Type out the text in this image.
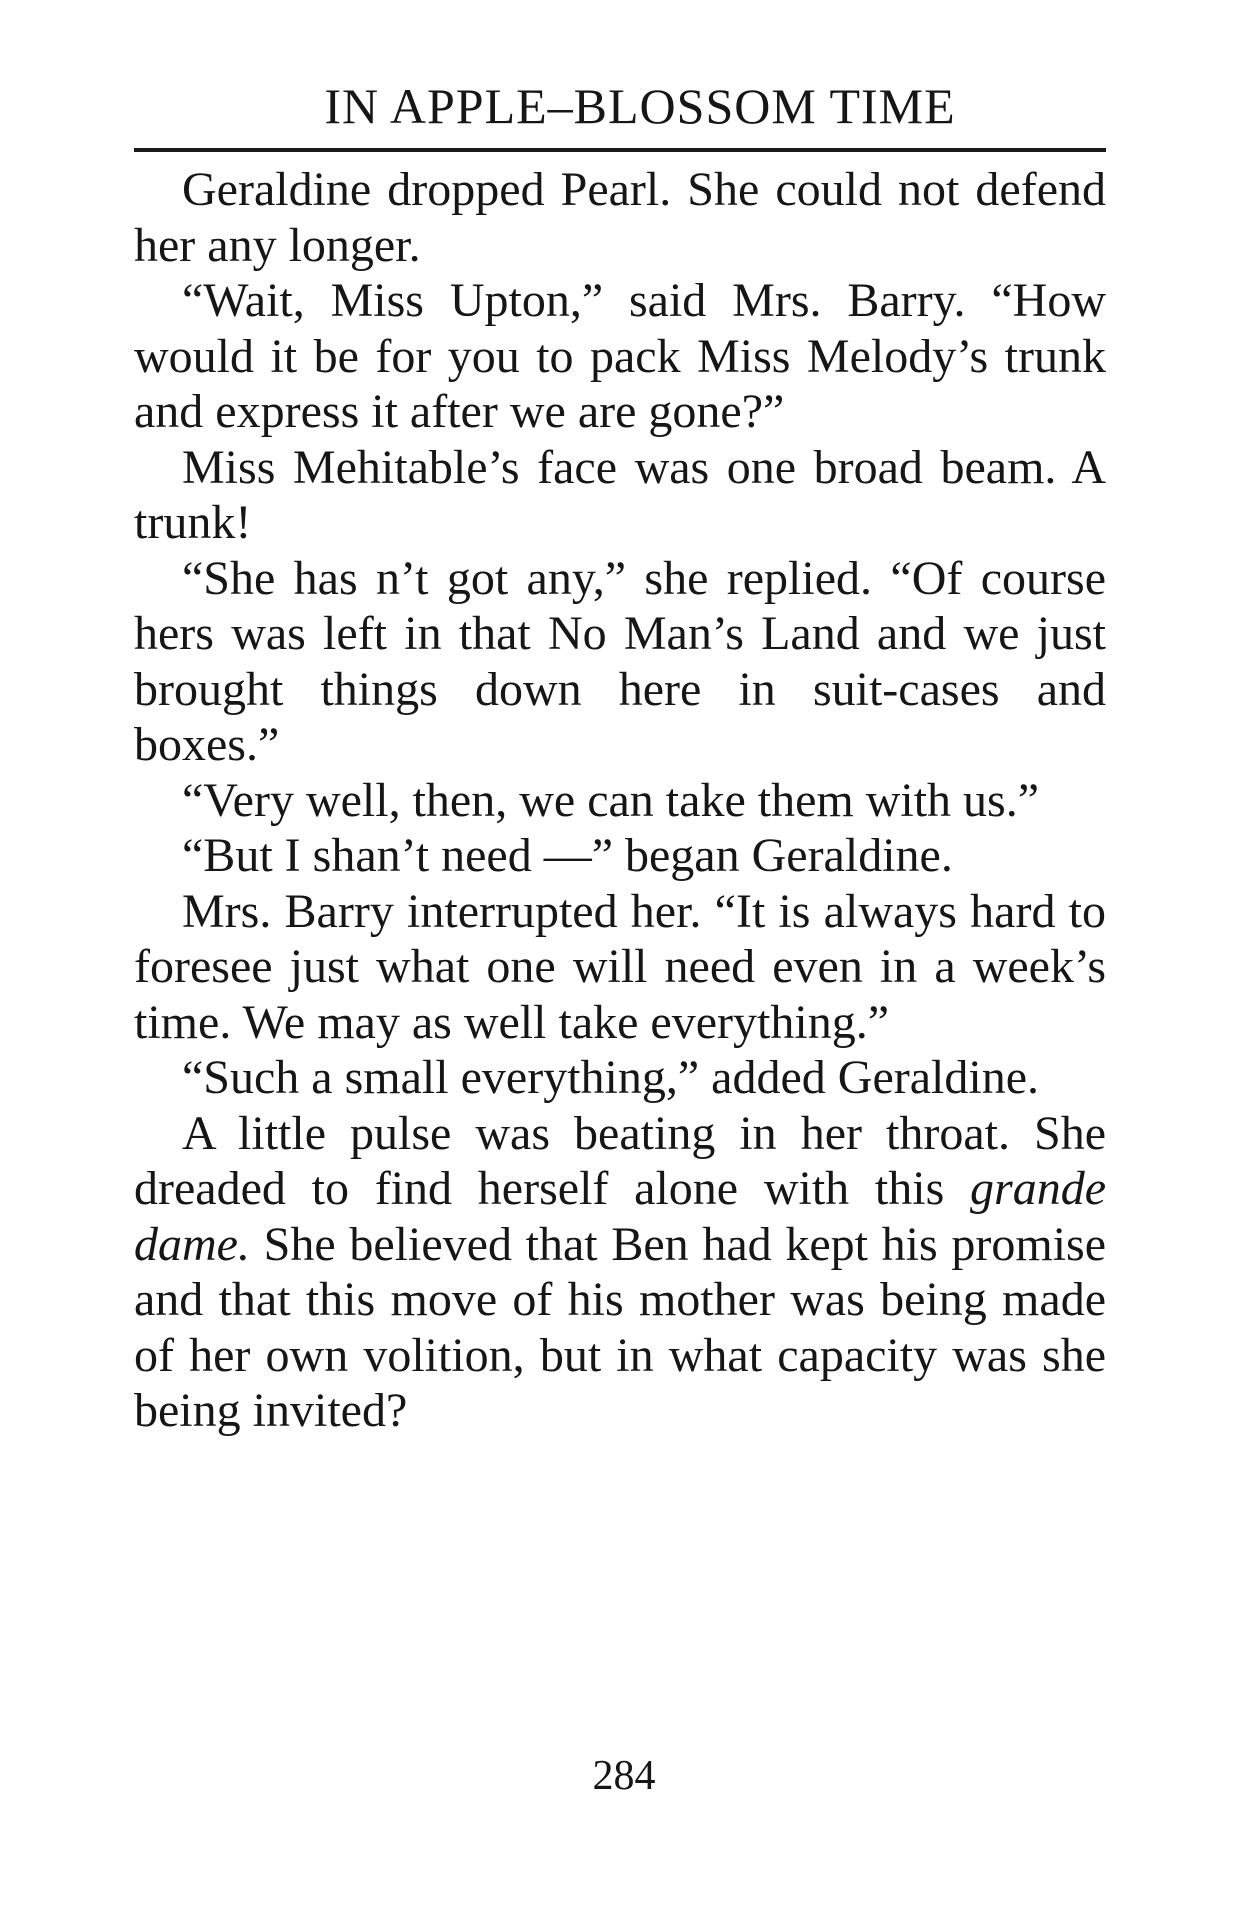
IN APPLE–BLOSSOM TIME

Geraldine dropped Pearl. She could not defend her any longer.

“Wait, Miss Upton,” said Mrs. Barry. “How would it be for you to pack Miss Melody’s trunk and express it after we are gone?”

Miss Mehitable’s face was one broad beam. A trunk!

“She has n’t got any,” she replied. “Of course hers was left in that No Man’s Land and we just brought things down here in suit-cases and boxes.”

“Very well, then, we can take them with us.”

“But I shan’t need —” began Geraldine.

Mrs. Barry interrupted her. “It is always hard to foresee just what one will need even in a week’s time. We may as well take everything.”

“Such a small everything,” added Geraldine.

A little pulse was beating in her throat. She dreaded to find herself alone with this grande dame. She believed that Ben had kept his promise and that this move of his mother was being made of her own volition, but in what capacity was she being invited?

284
